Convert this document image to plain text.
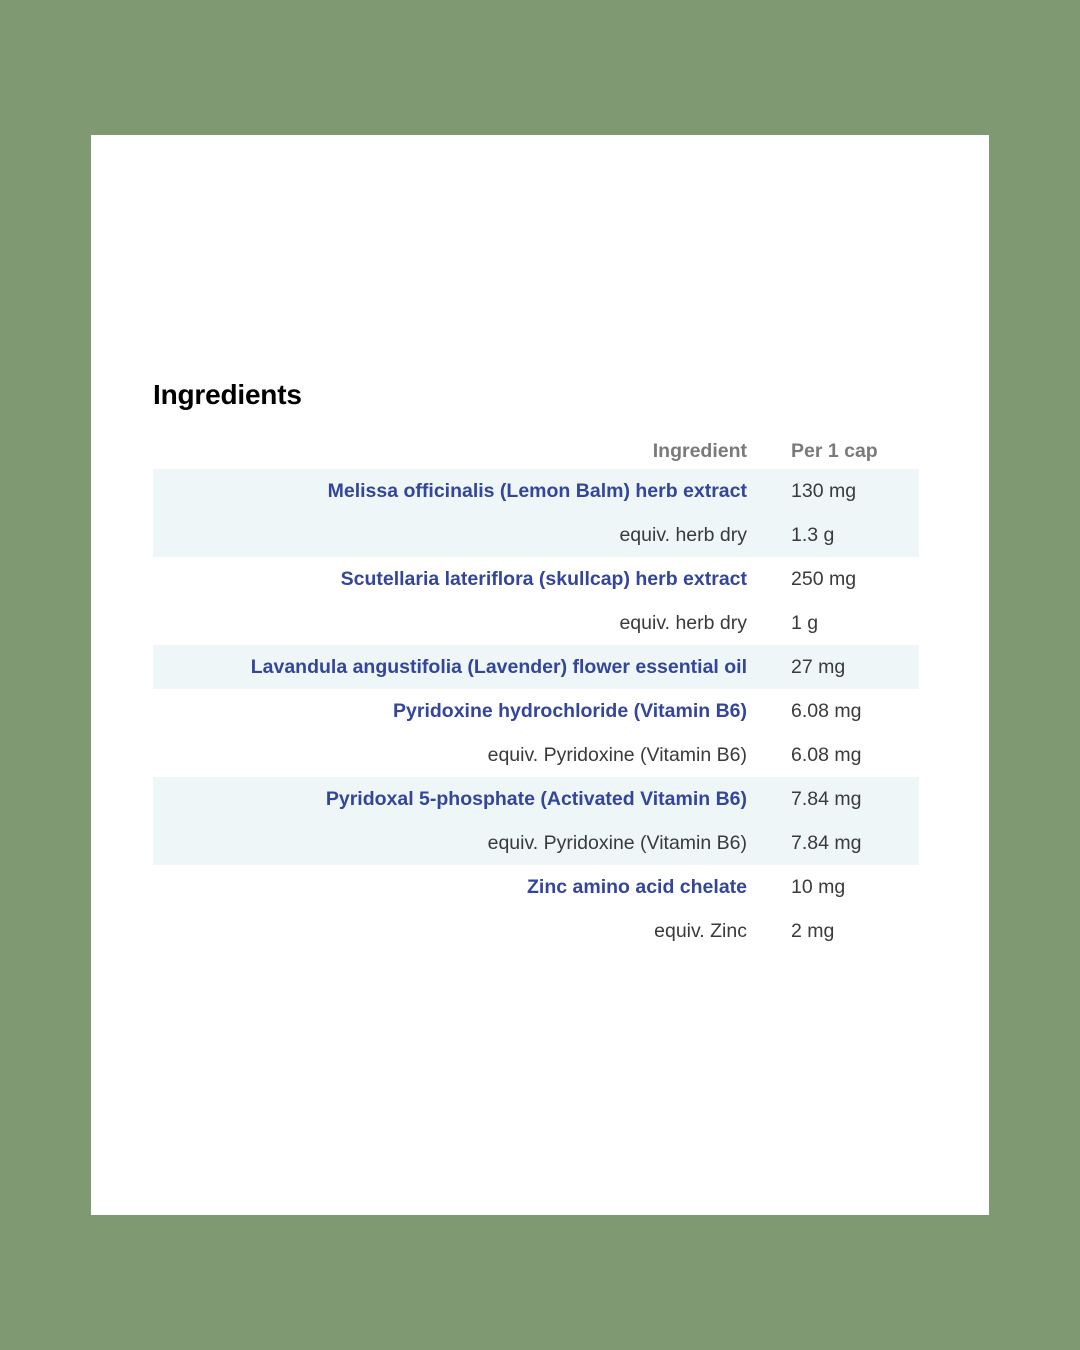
Ingredients
Ingredient	Per 1 cap
Melissa officinalis (Lemon Balm) herb extract	130 mg
equiv. herb dry	1.3 g
Scutellaria lateriflora (skullcap) herb extract	250 mg
equiv. herb dry	1 g
Lavandula angustifolia (Lavender) flower essential oil	27 mg
Pyridoxine hydrochloride (Vitamin B6)	6.08 mg
equiv. Pyridoxine (Vitamin B6)	6.08 mg
Pyridoxal 5-phosphate (Activated Vitamin B6)	7.84 mg
equiv. Pyridoxine (Vitamin B6)	7.84 mg
Zinc amino acid chelate	10 mg
equiv. Zinc	2 mg
